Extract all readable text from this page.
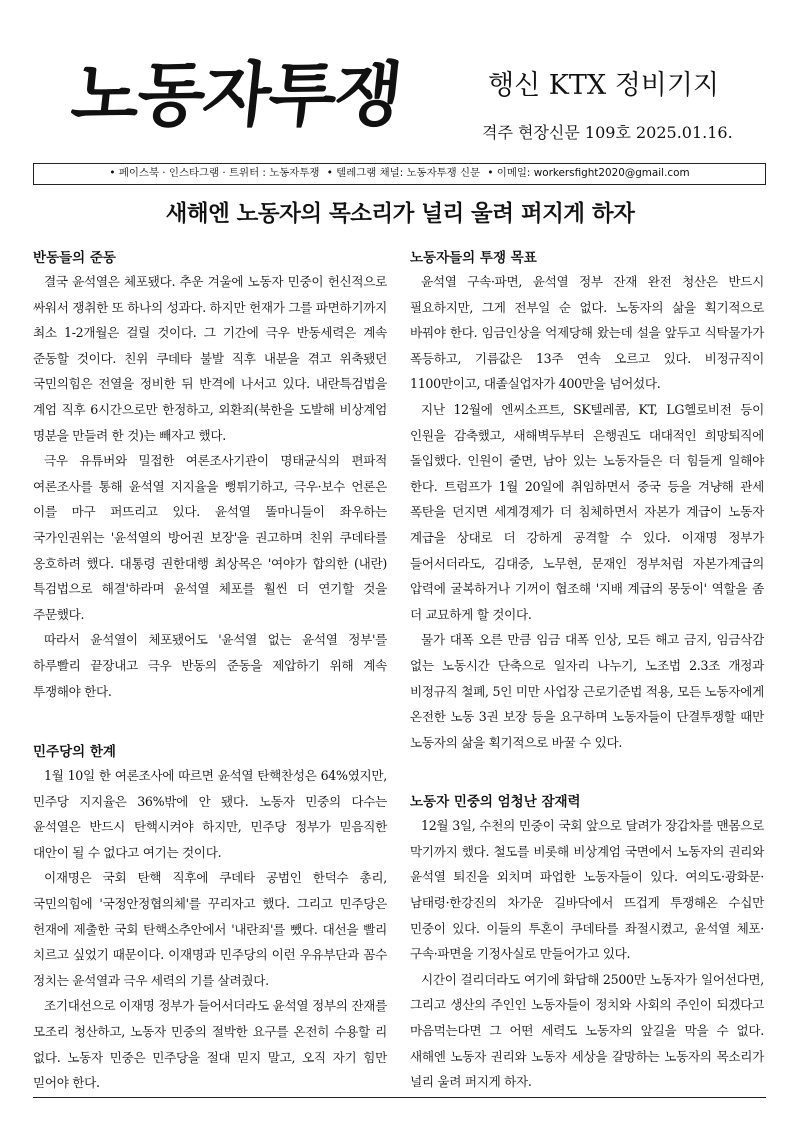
노동자투쟁	행신 KTX 정비기지
격주 현장신문 109호 2025.01.16.
• 페이스북 · 인스타그램 · 트위터 : 노동자투쟁 • 텔레그램 채널: 노동자투쟁 신문 • 이메일: workersfight2020@gmail.com
새해엔 노동자의 목소리가 널리 울려 퍼지게 하자
반동들의 준동

결국 윤석열은 체포됐다. 추운 겨울에 노동자 민중이 헌신적으로 싸워서 쟁취한 또 하나의 성과다. 하지만 헌재가 그를 파면하기까지 최소 1-2개월은 걸릴 것이다. 그 기간에 극우 반동세력은 계속 준동할 것이다. 친위 쿠데타 불발 직후 내분을 겪고 위축됐던 국민의힘은 전열을 정비한 뒤 반격에 나서고 있다. 내란특검법을 계엄 직후 6시간으로만 한정하고, 외환죄(북한을 도발해 비상계엄 명분을 만들려 한 것)는 빼자고 했다.

극우 유튜버와 밀접한 여론조사기관이 명태균식의 편파적 여론조사를 통해 윤석열 지지율을 뻥튀기하고, 극우·보수 언론은 이를 마구 퍼뜨리고 있다. 윤석열 똘마니들이 좌우하는 국가인권위는 '윤석열의 방어권 보장'을 권고하며 친위 쿠데타를 옹호하려 했다. 대통령 권한대행 최상목은 '여야가 합의한 (내란)특검법으로 해결'하라며 윤석열 체포를 훨씬 더 연기할 것을 주문했다.

따라서 윤석열이 체포됐어도 '윤석열 없는 윤석열 정부'를 하루빨리 끝장내고 극우 반동의 준동을 제압하기 위해 계속 투쟁해야 한다.

민주당의 한계

1월 10일 한 여론조사에 따르면 윤석열 탄핵찬성은 64%였지만, 민주당 지지율은 36%밖에 안 됐다. 노동자 민중의 다수는 윤석열은 반드시 탄핵시켜야 하지만, 민주당 정부가 믿음직한 대안이 될 수 없다고 여기는 것이다.

이재명은 국회 탄핵 직후에 쿠데타 공범인 한덕수 총리, 국민의힘에 '국정안정협의체'를 꾸리자고 했다. 그리고 민주당은 헌재에 제출한 국회 탄핵소추안에서 '내란죄'를 뺐다. 대선을 빨리 치르고 싶었기 때문이다. 이재명과 민주당의 이런 우유부단과 꼼수 정치는 윤석열과 극우 세력의 기를 살려줬다.

조기대선으로 이재명 정부가 들어서더라도 윤석열 정부의 잔재를 모조리 청산하고, 노동자 민중의 절박한 요구를 온전히 수용할 리 없다. 노동자 민중은 민주당을 절대 믿지 말고, 오직 자기 힘만 믿어야 한다.

노동자들의 투쟁 목표

윤석열 구속·파면, 윤석열 정부 잔재 완전 청산은 반드시 필요하지만, 그게 전부일 순 없다. 노동자의 삶을 획기적으로 바꿔야 한다. 임금인상을 억제당해 왔는데 설을 앞두고 식탁물가가 폭등하고, 기름값은 13주 연속 오르고 있다. 비정규직이 1100만이고, 대졸실업자가 400만을 넘어섰다.

지난 12월에 엔씨소프트, SK텔레콤, KT, LG헬로비전 등이 인원을 감축했고, 새해벽두부터 은행권도 대대적인 희망퇴직에 돌입했다. 인원이 줄면, 남아 있는 노동자들은 더 힘들게 일해야 한다. 트럼프가 1월 20일에 취임하면서 중국 등을 겨냥해 관세 폭탄을 던지면 세계경제가 더 침체하면서 자본가 계급이 노동자 계급을 상대로 더 강하게 공격할 수 있다. 이재명 정부가 들어서더라도, 김대중, 노무현, 문재인 정부처럼 자본가계급의 압력에 굴복하거나 기꺼이 협조해 '지배 계급의 몽둥이' 역할을 좀 더 교묘하게 할 것이다.

물가 대폭 오른 만큼 임금 대폭 인상, 모든 해고 금지, 임금삭감 없는 노동시간 단축으로 일자리 나누기, 노조법 2.3조 개정과 비정규직 철폐, 5인 미만 사업장 근로기준법 적용, 모든 노동자에게 온전한 노동 3권 보장 등을 요구하며 노동자들이 단결투쟁할 때만 노동자의 삶을 획기적으로 바꿀 수 있다.

노동자 민중의 엄청난 잠재력

12월 3일, 수천의 민중이 국회 앞으로 달려가 장갑차를 맨몸으로 막기까지 했다. 철도를 비롯해 비상계엄 국면에서 노동자의 권리와 윤석열 퇴진을 외치며 파업한 노동자들이 있다. 여의도·광화문·남태령·한강진의 차가운 길바닥에서 뜨겁게 투쟁해온 수십만 민중이 있다. 이들의 투혼이 쿠데타를 좌절시켰고, 윤석열 체포·구속·파면을 기정사실로 만들어가고 있다.

시간이 걸리더라도 여기에 화답해 2500만 노동자가 일어선다면, 그리고 생산의 주인인 노동자들이 정치와 사회의 주인이 되겠다고 마음먹는다면 그 어떤 세력도 노동자의 앞길을 막을 수 없다. 새해엔 노동자 권리와 노동자 세상을 갈망하는 노동자의 목소리가 널리 울려 퍼지게 하자.
